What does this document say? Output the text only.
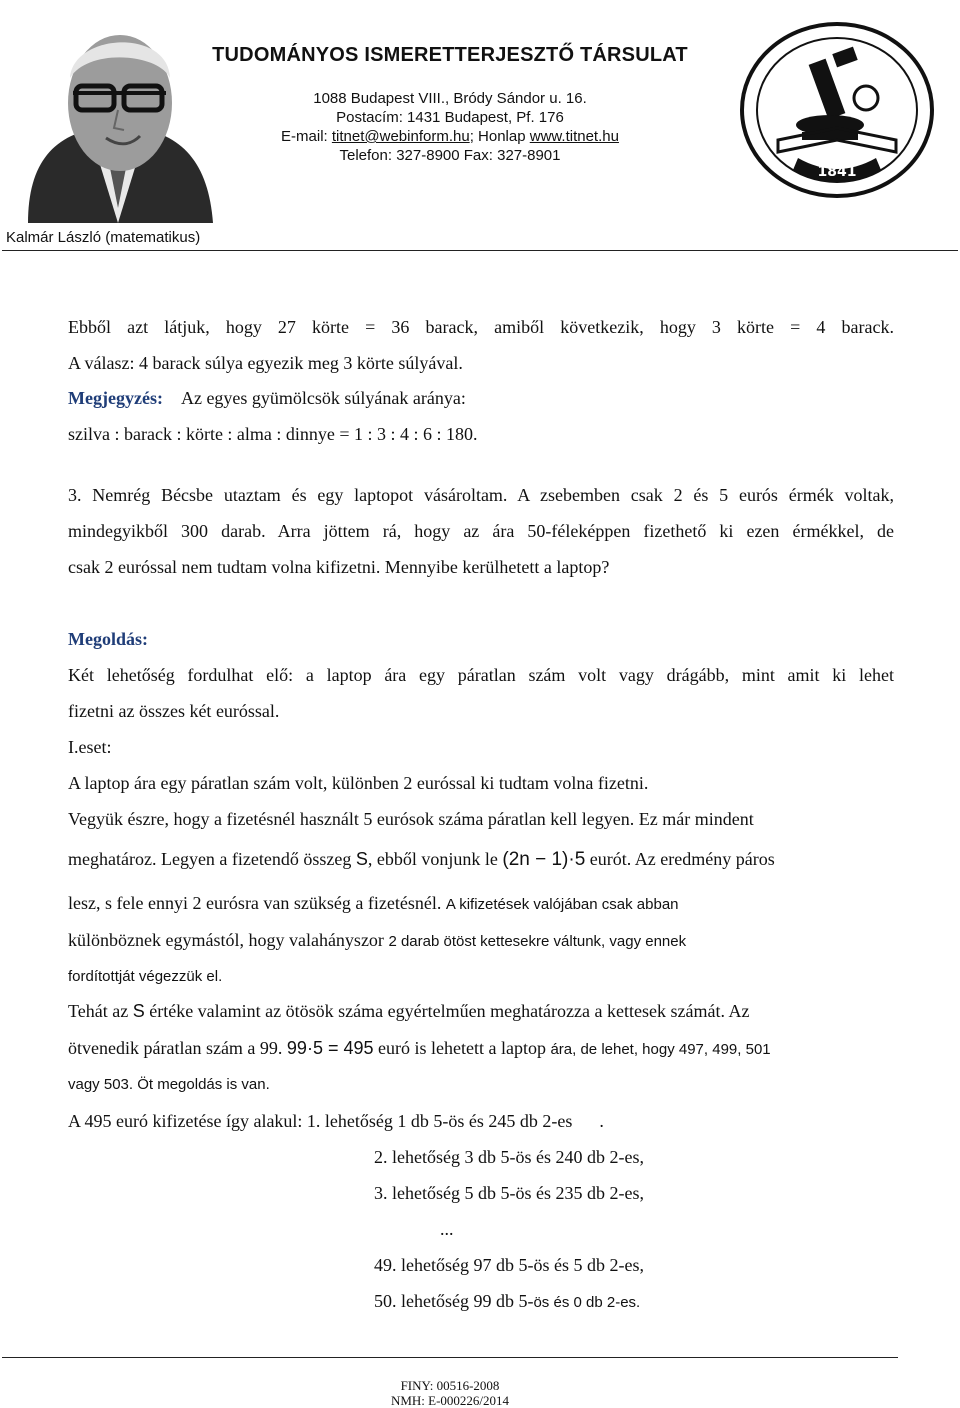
TUDOMÁNYOS ISMERETTERJESZTŐ TÁRSULAT
1088 Budapest VIII., Bródy Sándor u. 16.
Postacím: 1431 Budapest, Pf. 176
E-mail: titnet@webinform.hu; Honlap www.titnet.hu
Telefon: 327-8900 Fax: 327-8901
1841
Kalmár László (matematikus)
Ebből azt látjuk, hogy 27 körte = 36 barack, amiből következik, hogy 3 körte = 4 barack.
A válasz: 4 barack súlya egyezik meg 3 körte súlyával.
Megjegyzés: Az egyes gyümölcsök súlyának aránya:
szilva : barack : körte : alma : dinnye = 1 : 3 : 4 : 6 : 180.
3. Nemrég Bécsbe utaztam és egy laptopot vásároltam. A zsebemben csak 2 és 5 eurós érmék voltak,
mindegyikből 300 darab. Arra jöttem rá, hogy az ára 50-féleképpen fizethető ki ezen érmékkel, de
csak 2 euróssal nem tudtam volna kifizetni. Mennyibe kerülhetett a laptop?
Megoldás:
Két lehetőség fordulhat elő: a laptop ára egy páratlan szám volt vagy drágább, mint amit ki lehet
fizetni az összes két euróssal.
I.eset:
A laptop ára egy páratlan szám volt, különben 2 euróssal ki tudtam volna fizetni.
Vegyük észre, hogy a fizetésnél használt 5 eurósok száma páratlan kell legyen. Ez már mindent
meghatároz. Legyen a fizetendő összeg S, ebből vonjunk le (2n − 1)·5 eurót. Az eredmény páros
lesz, s fele ennyi 2 eurósra van szükség a fizetésnél. A kifizetések valójában csak abban
különböznek egymástól, hogy valahányszor 2 darab ötöst kettesekre váltunk, vagy ennek
fordítottját végezzük el.
Tehát az S értéke valamint az ötösök száma egyértelműen meghatározza a kettesek számát. Az
ötvenedik páratlan szám a 99. 99·5 = 495 euró is lehetett a laptop ára, de lehet, hogy 497, 499, 501
vagy 503. Öt megoldás is van.
A 495 euró kifizetése így alakul: 1. lehetőség 1 db 5-ös és 245 db 2-es .
2. lehetőség 3 db 5-ös és 240 db 2-es,
3. lehetőség 5 db 5-ös és 235 db 2-es,
...
49. lehetőség 97 db 5-ös és 5 db 2-es,
50. lehetőség 99 db 5-ös és 0 db 2-es.
FINY: 00516-2008
NMH: E-000226/2014
